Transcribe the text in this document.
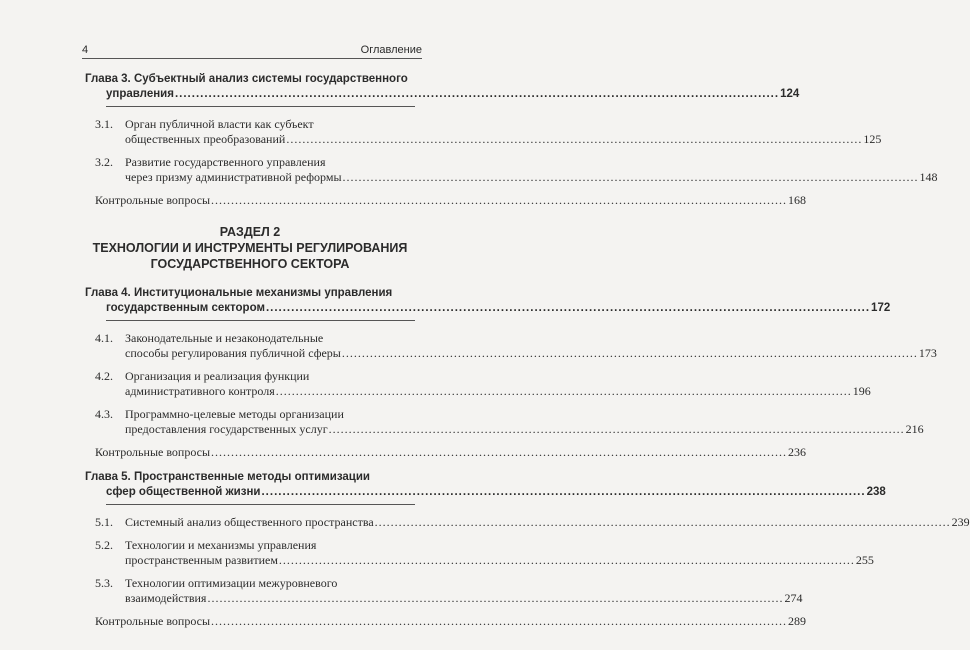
4	Оглавление
Глава 3. Субъектный анализ системы государственного
управления .....	124
3.1.	Орган публичной власти как субъект
общественных преобразований .....	125
3.2.	Развитие государственного управления
через призму административной реформы .....	148
Контрольные вопросы .....	168
РАЗДЕЛ 2
ТЕХНОЛОГИИ И ИНСТРУМЕНТЫ РЕГУЛИРОВАНИЯ
ГОСУДАРСТВЕННОГО СЕКТОРА
Глава 4. Институциональные механизмы управления
государственным сектором .....	172
4.1.	Законодательные и незаконодательные
способы регулирования публичной сферы .....	173
4.2.	Организация и реализация функции
административного контроля .....	196
4.3.	Программно-целевые методы организации
предоставления государственных услуг .....	216
Контрольные вопросы .....	236
Глава 5. Пространственные методы оптимизации
сфер общественной жизни .....	238
5.1.	Системный анализ общественного пространства .....	239
5.2.	Технологии и механизмы управления
пространственным развитием .....	255
5.3.	Технологии оптимизации межуровневого
взаимодействия .....	274
Контрольные вопросы .....	289
